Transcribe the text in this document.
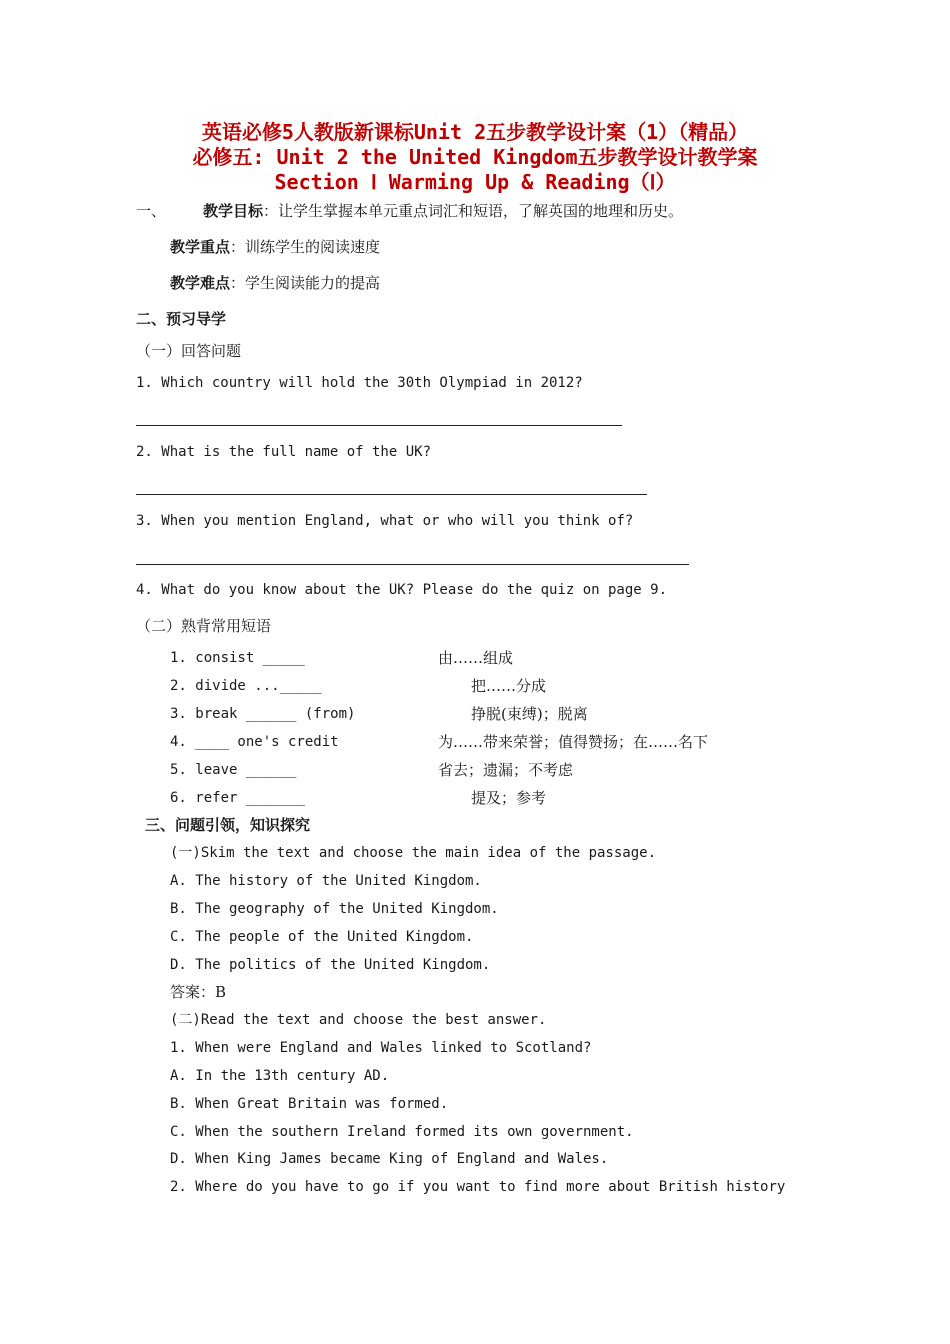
英语必修5人教版新课标Unit 2五步教学设计案（1）（精品）
必修五: Unit 2 the United Kingdom五步教学设计教学案
Section Ⅰ Warming Up & Reading（Ⅰ）
一、 教学目标：让学生掌握本单元重点词汇和短语，了解英国的地理和历史。
教学重点：训练学生的阅读速度
教学难点：学生阅读能力的提高
二、预习导学
（一）回答问题
1. Which country will hold the 30th Olympiad in 2012?
2. What is the full name of the UK?
3. When you mention England, what or who will you think of?
4. What do you know about the UK? Please do the quiz on page 9.
（二）熟背常用短语
1. consist _____	由……组成
2. divide ..._____	把……分成
3. break ______ (from)	挣脱(束缚)；脱离
4. ____ one's credit	为……带来荣誉；值得赞扬；在……名下
5. leave ______	省去；遗漏；不考虑
6. refer _______	提及；参考
三、问题引领，知识探究
(一)Skim the text and choose the main idea of the passage.
A. The history of the United Kingdom.
B. The geography of the United Kingdom.
C. The people of the United Kingdom.
D. The politics of the United Kingdom.
答案：B
(二)Read the text and choose the best answer.
1. When were England and Wales linked to Scotland?
A. In the 13th century AD.
B. When Great Britain was formed.
C. When the southern Ireland formed its own government.
D. When King James became King of England and Wales.
2. Where do you have to go if you want to find more about British history
